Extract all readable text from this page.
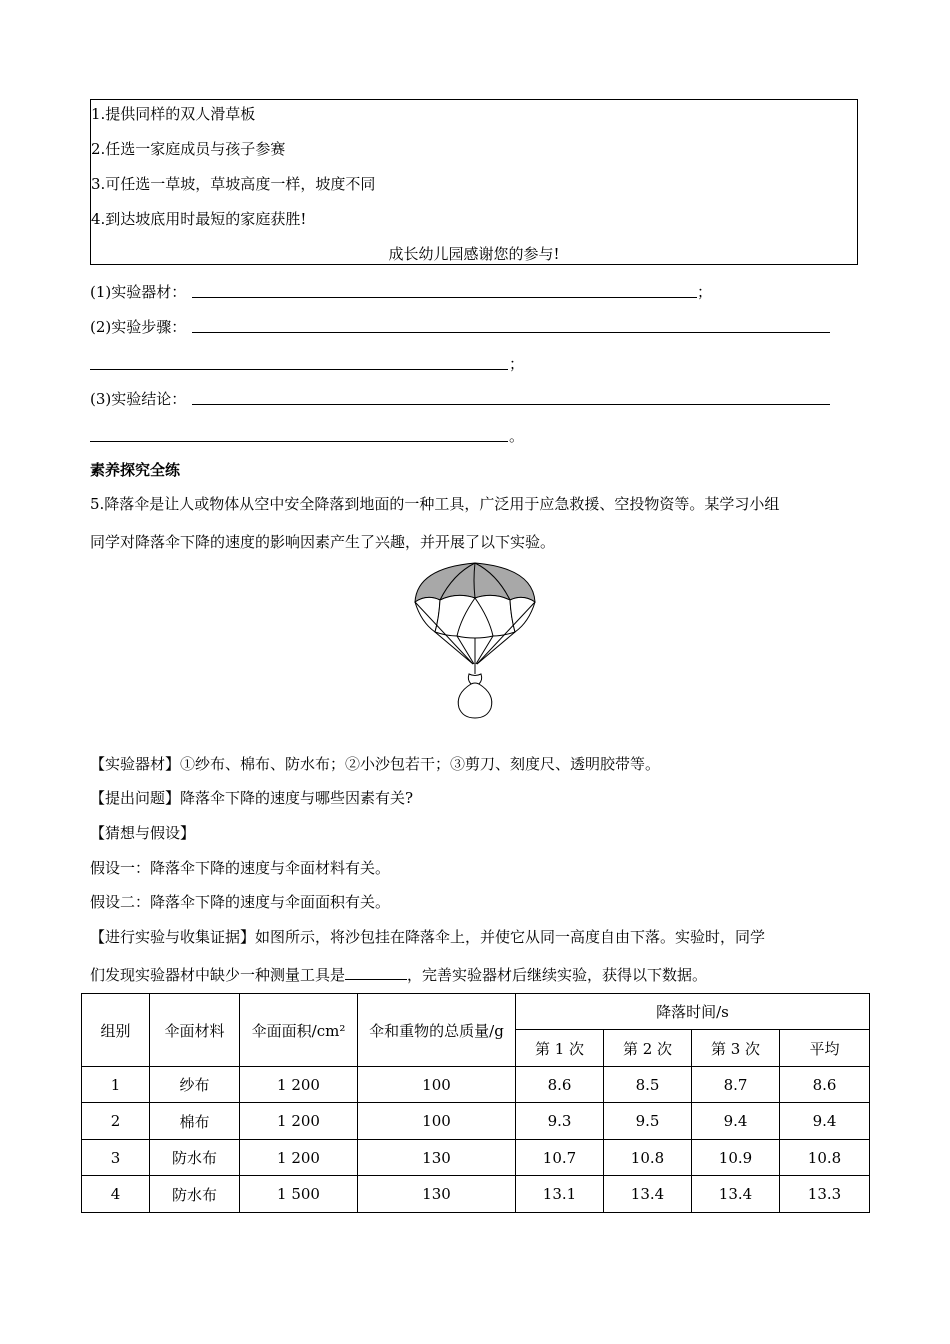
1.提供同样的双人滑草板
2.任选一家庭成员与孩子参赛
3.可任选一草坡，草坡高度一样，坡度不同
4.到达坡底用时最短的家庭获胜!
成长幼儿园感谢您的参与!
(1)实验器材：	；
(2)实验步骤：
；
(3)实验结论：
。
素养探究全练
5.降落伞是让人或物体从空中安全降落到地面的一种工具，广泛用于应急救援、空投物资等。某学习小组
同学对降落伞下降的速度的影响因素产生了兴趣，并开展了以下实验。
【实验器材】①纱布、棉布、防水布；②小沙包若干；③剪刀、刻度尺、透明胶带等。
【提出问题】降落伞下降的速度与哪些因素有关?
【猜想与假设】
假设一：降落伞下降的速度与伞面材料有关。
假设二：降落伞下降的速度与伞面面积有关。
【进行实验与收集证据】如图所示，将沙包挂在降落伞上，并使它从同一高度自由下落。实验时，同学
们发现实验器材中缺少一种测量工具是	，完善实验器材后继续实验，获得以下数据。
组别	伞面材料	伞面面积/cm²	伞和重物的总质量/g	降落时间/s			
				第 1 次	第 2 次	第 3 次	平均
1	纱布	1 200	100	8.6	8.5	8.7	8.6
2	棉布	1 200	100	9.3	9.5	9.4	9.4
3	防水布	1 200	130	10.7	10.8	10.9	10.8
4	防水布	1 500	130	13.1	13.4	13.4	13.3
